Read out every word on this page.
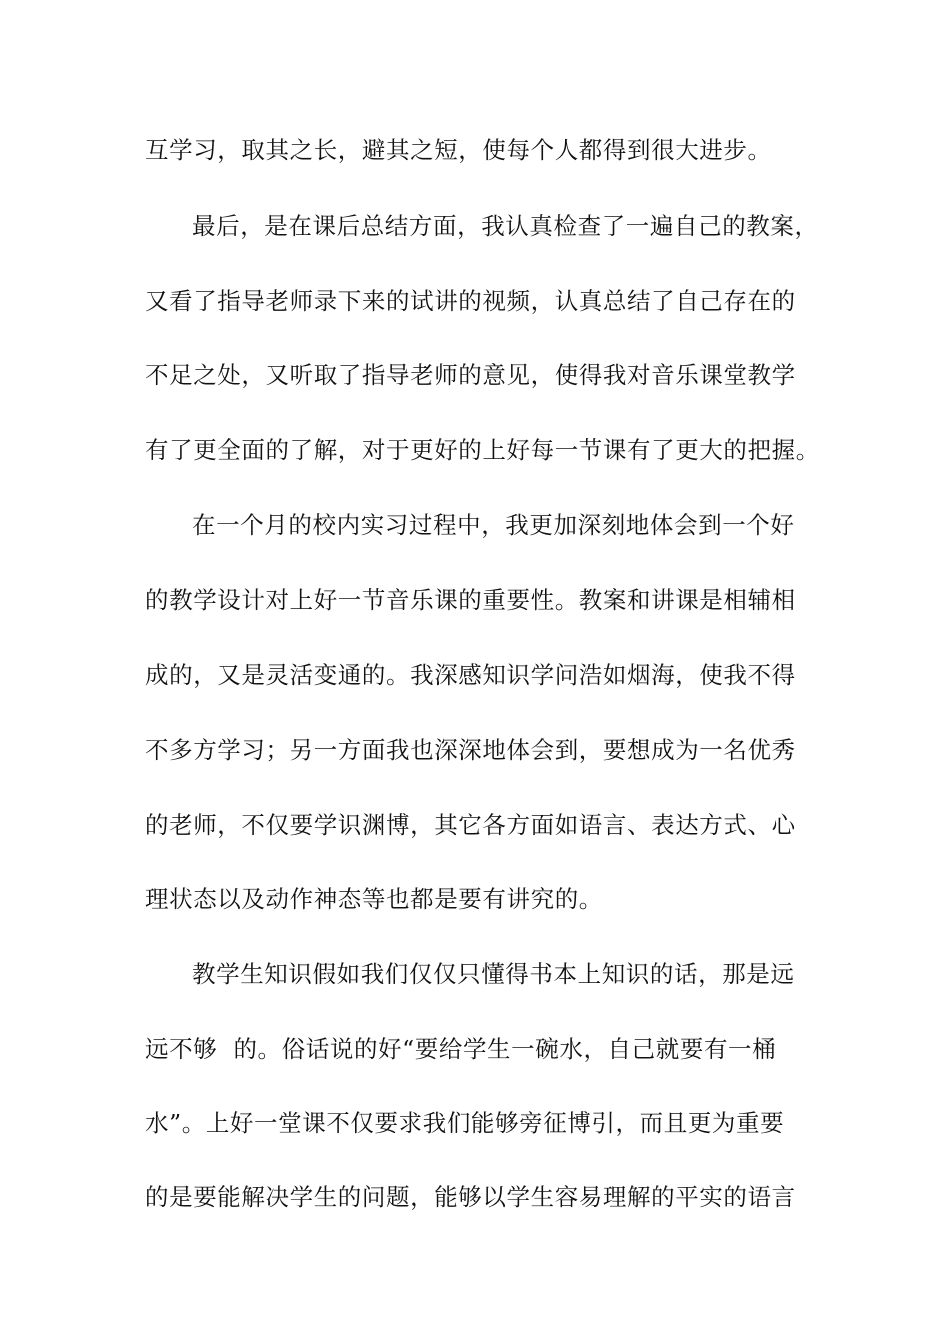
互学习，取其之长，避其之短，使每个人都得到很大进步。
最后，是在课后总结方面，我认真检查了一遍自己的教案，
又看了指导老师录下来的试讲的视频，认真总结了自己存在的
不足之处，又听取了指导老师的意见，使得我对音乐课堂教学
有了更全面的了解，对于更好的上好每一节课有了更大的把握。
在一个月的校内实习过程中，我更加深刻地体会到一个好
的教学设计对上好一节音乐课的重要性。教案和讲课是相辅相
成的，又是灵活变通的。我深感知识学问浩如烟海，使我不得
不多方学习；另一方面我也深深地体会到，要想成为一名优秀
的老师，不仅要学识渊博，其它各方面如语言、表达方式、心
理状态以及动作神态等也都是要有讲究的。
教学生知识假如我们仅仅只懂得书本上知识的话，那是远
远不够  的。俗话说的好“要给学生一碗水，自己就要有一桶
水”。上好一堂课不仅要求我们能够旁征博引，而且更为重要
的是要能解决学生的问题，能够以学生容易理解的平实的语言
